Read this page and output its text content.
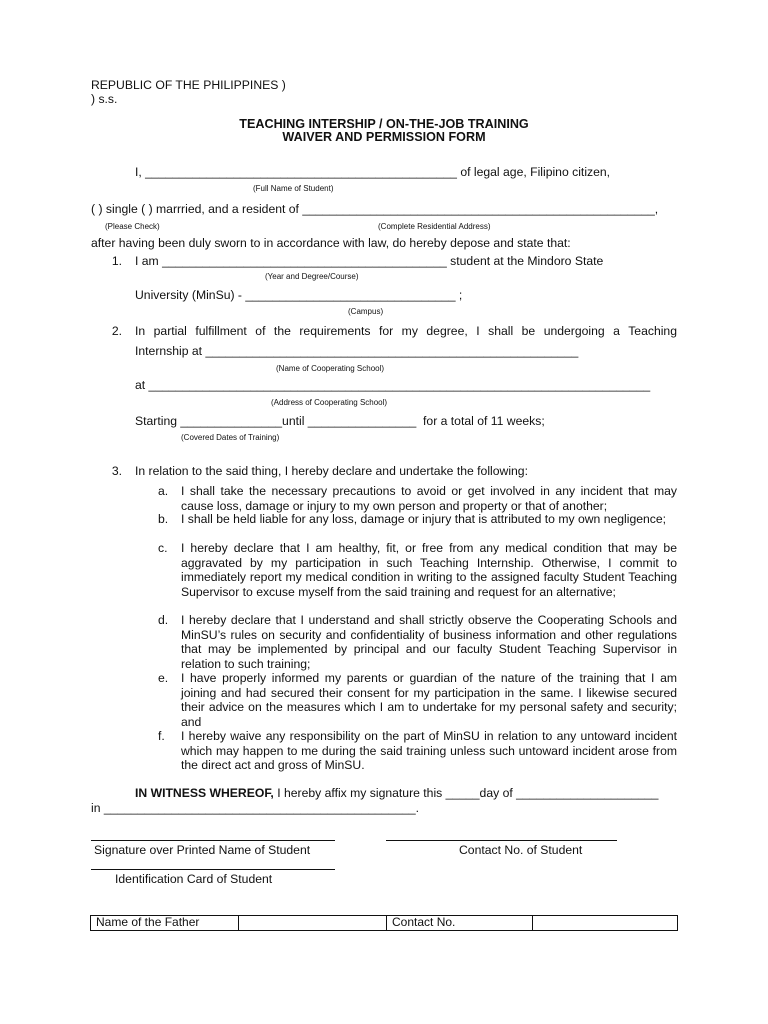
REPUBLIC OF THE PHILIPPINES )
) s.s.
TEACHING INTERSHIP / ON-THE-JOB TRAINING
WAIVER AND PERMISSION FORM
I, ______________________________________________ of legal age, Filipino citizen,
(Full Name of Student)
( ) single ( ) marrried, and a resident of ____________________________________________________,
(Please Check)	(Complete Residential Address)
after having been duly sworn to in accordance with law, do hereby depose and state that:
1. I am __________________________________________ student at the Mindoro State
(Year and Degree/Course)
University (MinSu) - _______________________________ ;
(Campus)
2. In partial fulfillment of the requirements for my degree, I shall be undergoing a Teaching
Internship at _______________________________________________________
(Name of Cooperating School)
at __________________________________________________________________________
(Address of Cooperating School)
Starting _______________until ________________  for a total of 11 weeks;
(Covered Dates of Training)
3. In relation to the said thing, I hereby declare and undertake the following:
a. I shall take the necessary precautions to avoid or get involved in any incident that may cause loss, damage or injury to my own person and property or that of another;
b. I shall be held liable for any loss, damage or injury that is attributed to my own negligence;
c. I hereby declare that I am healthy, fit, or free from any medical condition that may be aggravated by my participation in such Teaching Internship. Otherwise, I commit to immediately report my medical condition in writing to the assigned faculty Student Teaching Supervisor to excuse myself from the said training and request for an alternative;
d. I hereby declare that I understand and shall strictly observe the Cooperating Schools and MinSU’s rules on security and confidentiality of business information and other regulations that may be implemented by principal and our faculty Student Teaching Supervisor in relation to such training;
e. I have properly informed my parents or guardian of the nature of the training that I am joining and had secured their consent for my participation in the same. I likewise secured their advice on the measures which I am to undertake for my personal safety and security; and
f. I hereby waive any responsibility on the part of MinSU in relation to any untoward incident which may happen to me during the said training unless such untoward incident arose from the direct act and gross of MinSU.
IN WITNESS WHEREOF, I hereby affix my signature this _____day of _____________________
in ______________________________________________.
Signature over Printed Name of Student	Contact No. of Student
Identification Card of Student
Name of the Father		Contact No.	
